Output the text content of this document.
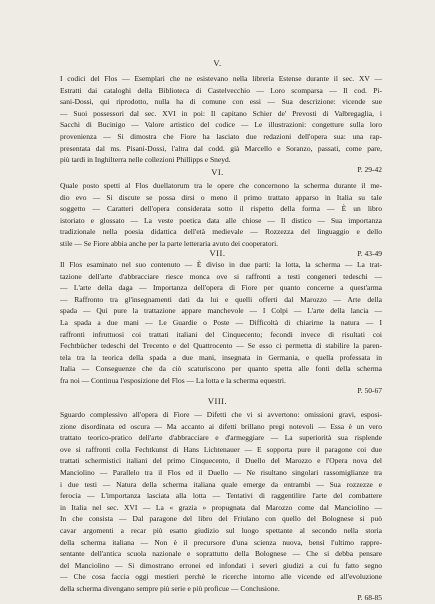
V.
I codici del Flos — Esemplari che ne esistevano nella libreria Estense durante il sec. XV —
Estratti dai cataloghi della Biblioteca di Castelvecchio — Loro scomparsa — Il cod. Pi-
sani-Dossi, qui riprodotto, nulla ha di comune con essi — Sua descrizione: vicende sue
— Suoi possessori dal sec. XVI in poi: Il capitano Schier de' Prevosti di Valbregaglia, i
Sacchi di Bucinigo — Valore artistico del codice — Le illustrazioni: congetture sulla loro
provenienza — Si dimostra che Fiore ha lasciato due redazioni dell'opera sua: una rap-
presentata dal ms. Pisani-Dossi, l'altra dal codd. già Marcello e Soranzo, passati, come pare,
più tardi in Inghilterra nelle collezioni Phillipps e Sneyd.
P. 29-42
VI.
Quale posto spetti al Flos duellatorum tra le opere che concernono la scherma durante il me-
dio evo — Si discute se possa dirsi o meno il primo trattato apparso in Italia su tale
soggetto — Caratteri dell'opera considerata sotto il rispetto della forma — È un libro
istoriato e glossato — La veste poetica data alle chiose — Il distico — Sua importanza
tradizionale nella poesia didattica dell'età medievale — Rozzezza del linguaggio e dello
stile — Se Fiore abbia anche per la parte letteraria avuto dei cooperatori.
P. 43-49
VII.
Il Flos esaminato nel suo contenuto — È diviso in due parti: la lotta, la scherma — La trat-
tazione dell'arte d'abbracciare riesce monca ove si raffronti a testi congeneri tedeschi —
— L'arte della daga — Importanza dell'opera di Fiore per quanto concerne a quest'arma
— Raffronto tra gl'insegnamenti dati da lui e quelli offerti dal Marozzo — Arte della
spada — Qui pure la trattazione appare manchevole — I Colpi — L'arte della lancia —
La spada a due mani — Le Guardie o Poste — Difficoltà di chiarirne la natura — I
raffronti infruttuosi coi trattati italiani del Cinquecento; fecondi invece di risultati coi
Fechtbücher tedeschi del Trecento e del Quattrocento — Se esso ci permetta di stabilire la paren-
tela tra la teorica della spada a due mani, insegnata in Germania, e quella professata in
Italia — Conseguenze che da ciò scaturiscono per quanto spetta alle fonti della scherma
fra noi — Continua l'esposizione del Flos — La lotta e la scherma equestri.
P. 50-67
VIII.
Sguardo complessivo all'opera di Fiore — Difetti che vi si avvertono: omissioni gravi, esposi-
zione disordinata ed oscura — Ma accanto ai difetti brillano pregi notevoli — Essa è un vero
trattato teorico-pratico dell'arte d'abbracciare e d'armeggiare — La superiorità sua risplende
ove si raffronti colla Fechtkunst di Hans Lichtenauer — E sopporta pure il paragone coi due
trattati schermistici italiani del primo Cinquecento, il Duello del Marozzo e l'Opera nova del
Manciolino — Parallelo tra il Flos ed il Duello — Ne risultano singolari rassomiglianze tra
i due testi — Natura della scherma italiana quale emerge da entrambi — Sua rozzezze e
ferocia — L'importanza lasciata alla lotta — Tentativi di raggentilire l'arte del combattere
in Italia nel sec. XVI — La « grazia » propugnata dal Marozzo come dal Manciolino —
In che consista — Dal paragone del libro del Friulano con quello del Bolognese si può
cavar argomenti a recar più esatto giudizio sul luogo spettante al secondo nella storia
della scherma italiana — Non è il precursore d'una scienza nuova, bensì l'ultimo rappre-
sentante dell'antica scuola nazionale e soprattutto della Bolognese — Che si debba pensare
del Manciolino — Si dimostrano erronei ed infondati i severi giudizi a cui fu fatto segno
— Che cosa faccia oggi mestieri perchè le ricerche intorno alle vicende ed all'evoluzione
della scherma divengano sempre più serie e più proficue — Conclusione.
P. 68-85
